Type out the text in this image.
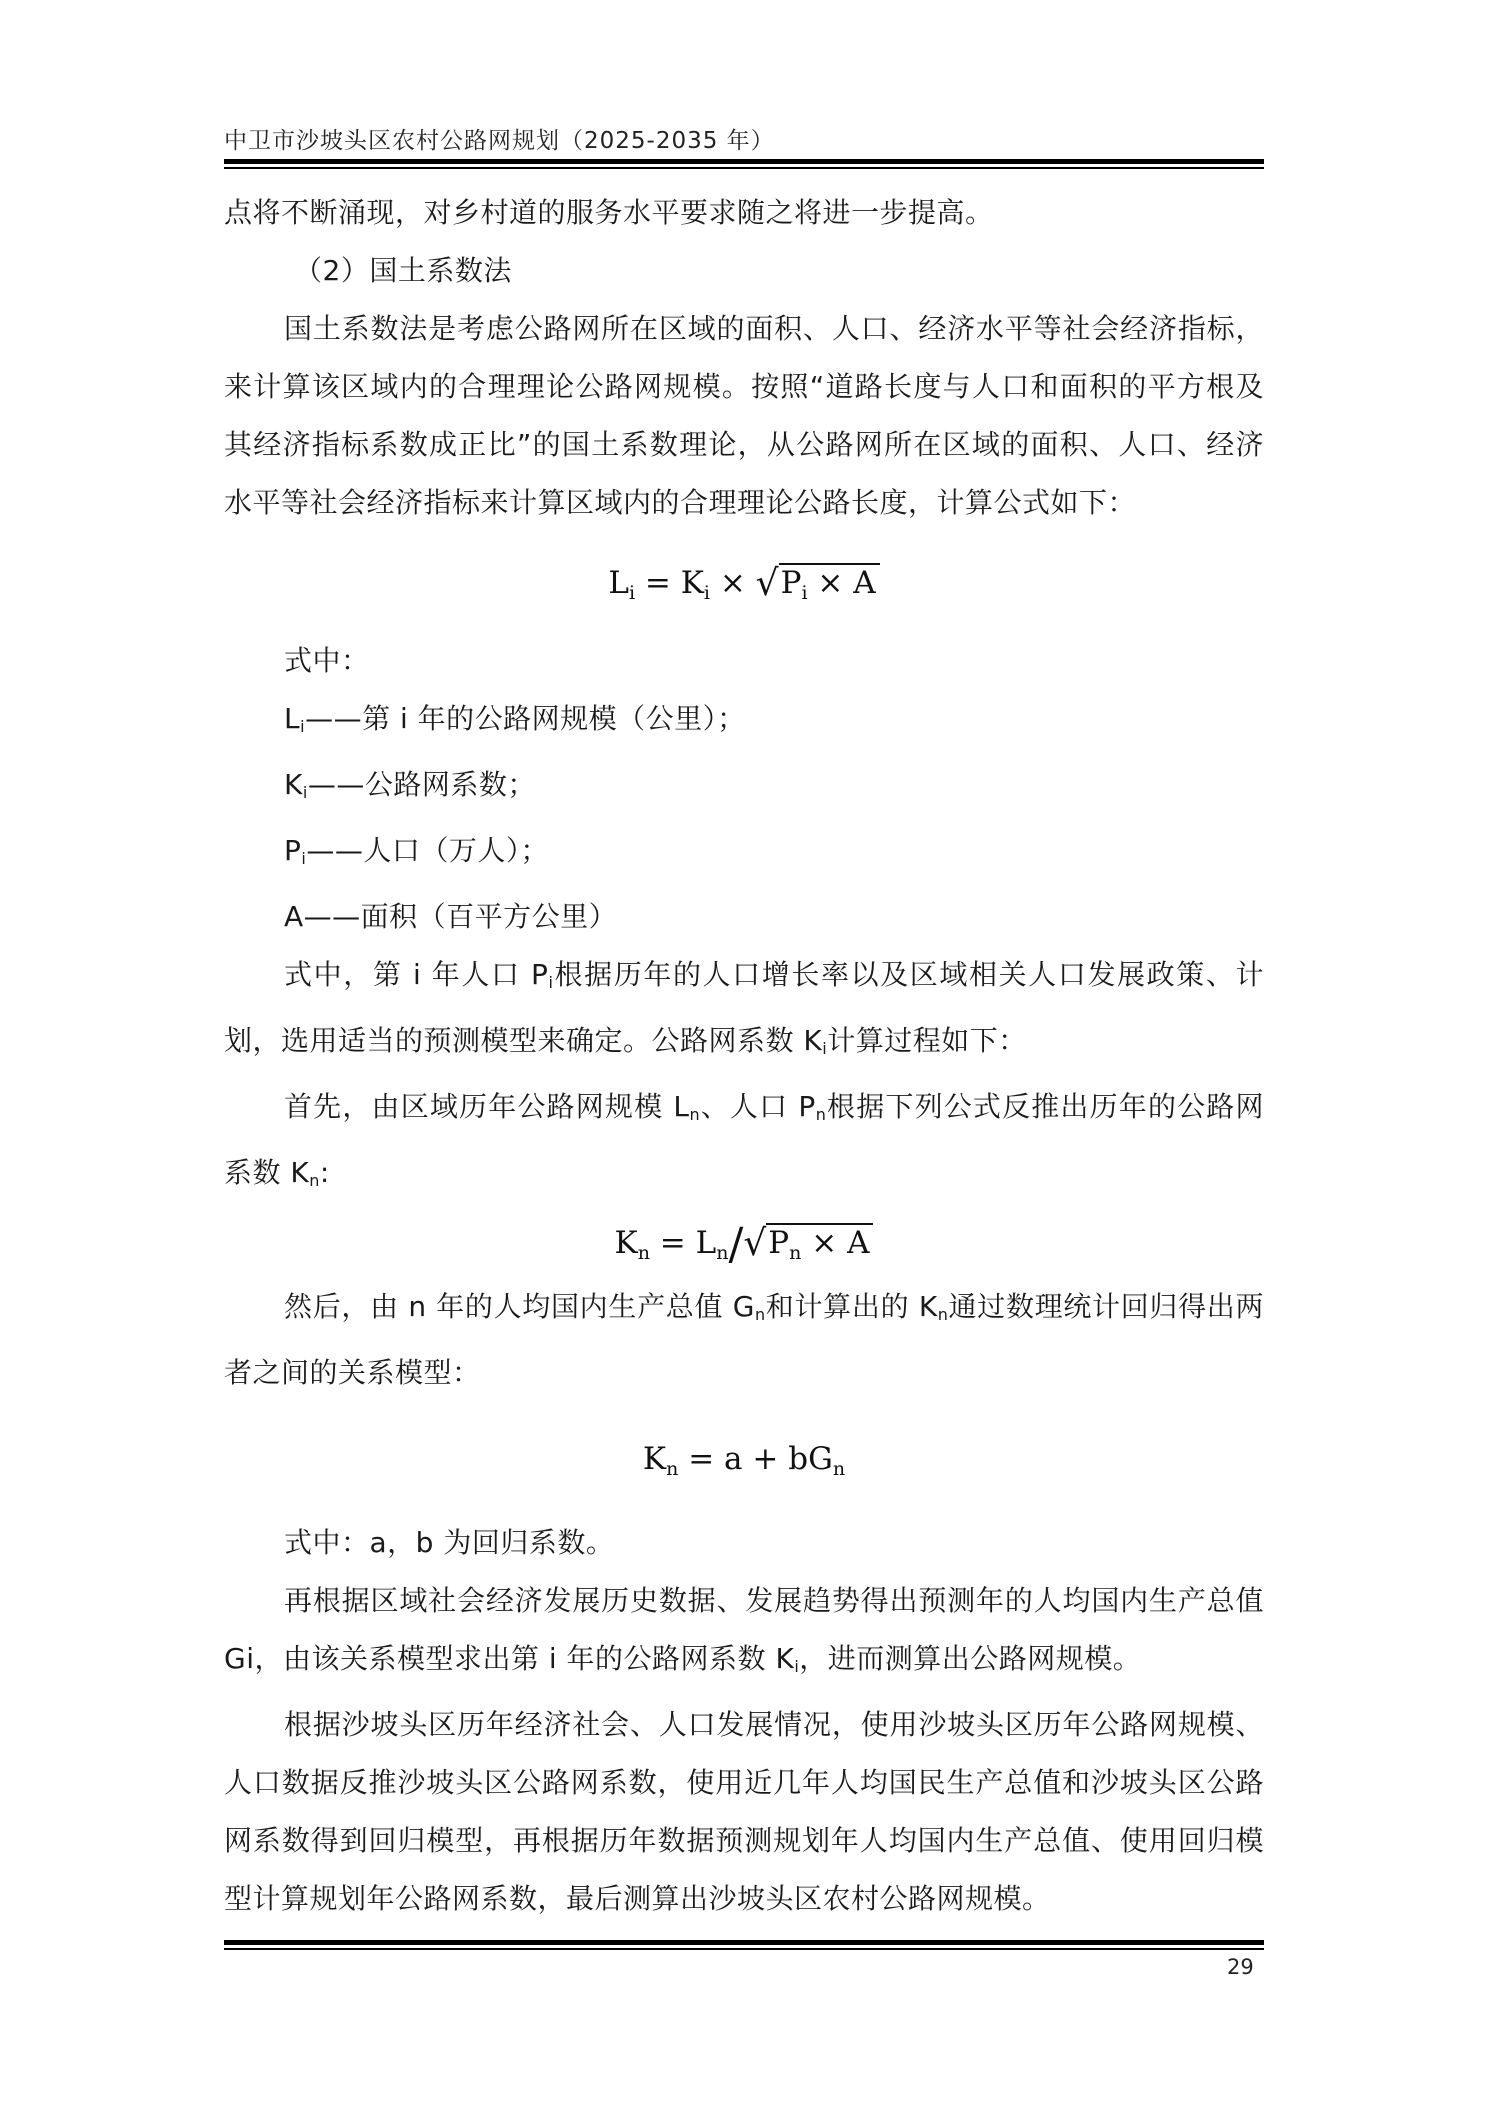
中卫市沙坡头区农村公路网规划（2025-2035 年）

点将不断涌现，对乡村道的服务水平要求随之将进一步提高。

（2）国土系数法

国土系数法是考虑公路网所在区域的面积、人口、经济水平等社会经济指标，来计算该区域内的合理理论公路网规模。按照“道路长度与人口和面积的平方根及其经济指标系数成正比”的国土系数理论，从公路网所在区域的面积、人口、经济水平等社会经济指标来计算区域内的合理理论公路长度，计算公式如下：

$L_i = K_i \times √P_i \times A$

式中：

$L_i——$第 i 年的公路网规模（公里）；

$K_i——$公路网系数；

$P_i——$人口（万人）；

A——面积（百平方公里）

式中，第 i 年人口 $P_i$根据历年的人口增长率以及区域相关人口发展政策、计划，选用适当的预测模型来确定。公路网系数 $K_i$计算过程如下：

首先，由区域历年公路网规模 $L_n$、人口 $P_n$根据下列公式反推出历年的公路网系数 $K_n$:

$K_n = L_n/√P_n \times A$

然后，由 n 年的人均国内生产总值 $G_n$和计算出的 $K_n$通过数理统计回归得出两者之间的关系模型：

$K_n = a + bG_n$

式中：a，b 为回归系数。

再根据区域社会经济发展历史数据、发展趋势得出预测年的人均国内生产总值 Gi，由该关系模型求出第 i 年的公路网系数 $K_i$，进而测算出公路网规模。

根据沙坡头区历年经济社会、人口发展情况，使用沙坡头区历年公路网规模、人口数据反推沙坡头区公路网系数，使用近几年人均国民生产总值和沙坡头区公路网系数得到回归模型，再根据历年数据预测规划年人均国内生产总值、使用回归模型计算规划年公路网系数，最后测算出沙坡头区农村公路网规模。

29
